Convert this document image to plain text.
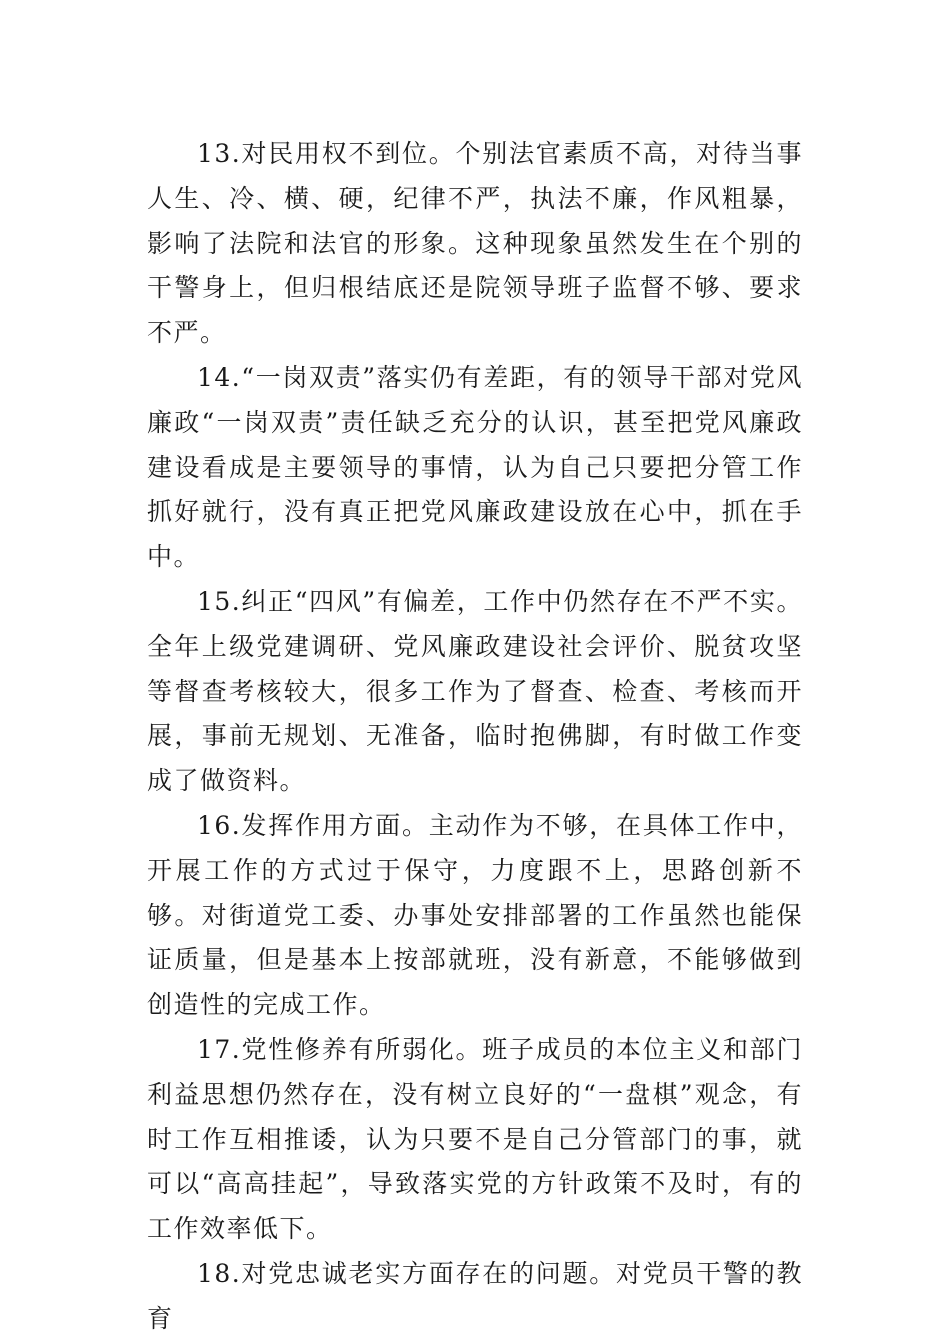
13.对民用权不到位。个别法官素质不高，对待当事人生、冷、横、硬，纪律不严，执法不廉，作风粗暴，影响了法院和法官的形象。这种现象虽然发生在个别的干警身上，但归根结底还是院领导班子监督不够、要求不严。

14.“一岗双责”落实仍有差距，有的领导干部对党风廉政“一岗双责”责任缺乏充分的认识，甚至把党风廉政建设看成是主要领导的事情，认为自己只要把分管工作抓好就行，没有真正把党风廉政建设放在心中，抓在手中。

15.纠正“四风”有偏差，工作中仍然存在不严不实。全年上级党建调研、党风廉政建设社会评价、脱贫攻坚等督查考核较大，很多工作为了督查、检查、考核而开展，事前无规划、无准备，临时抱佛脚，有时做工作变成了做资料。

16.发挥作用方面。主动作为不够，在具体工作中，开展工作的方式过于保守，力度跟不上，思路创新不够。对街道党工委、办事处安排部署的工作虽然也能保证质量，但是基本上按部就班，没有新意，不能够做到创造性的完成工作。

17.党性修养有所弱化。班子成员的本位主义和部门利益思想仍然存在，没有树立良好的“一盘棋”观念，有时工作互相推诿，认为只要不是自己分管部门的事，就可以“高高挂起”，导致落实党的方针政策不及时，有的工作效率低下。

18.对党忠诚老实方面存在的问题。对党员干警的教育
